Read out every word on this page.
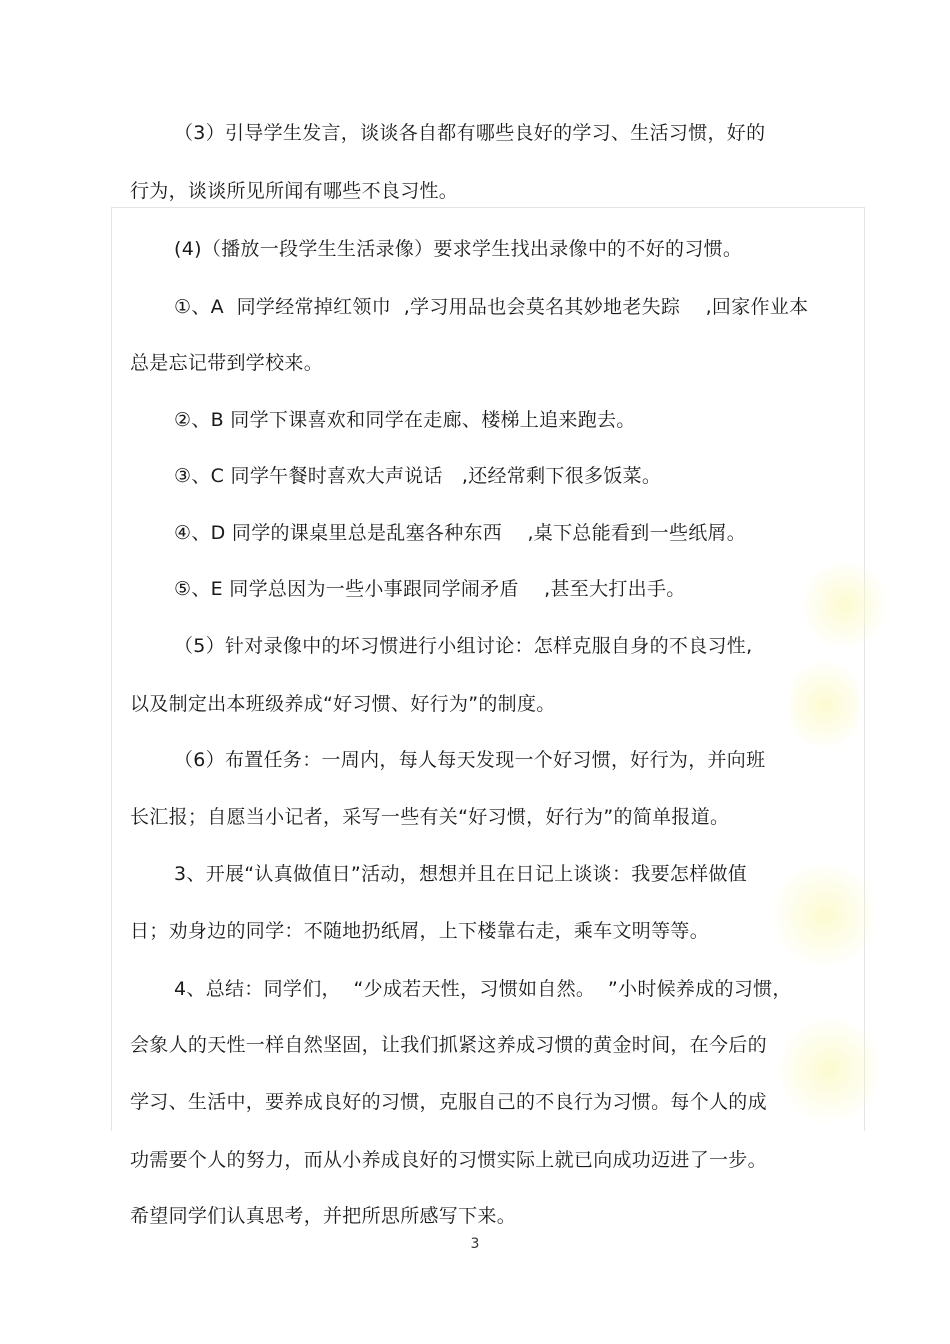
（3）引导学生发言，谈谈各自都有哪些良好的学习、生活习惯，好的
行为，谈谈所见所闻有哪些不良习性。
(4)（播放一段学生生活录像）要求学生找出录像中的不好的习惯。
①、A  同学经常掉红领巾  ,学习用品也会莫名其妙地老失踪    ,回家作业本
总是忘记带到学校来。
②、B 同学下课喜欢和同学在走廊、楼梯上追来跑去。
③、C 同学午餐时喜欢大声说话   ,还经常剩下很多饭菜。
④、D 同学的课桌里总是乱塞各种东西    ,桌下总能看到一些纸屑。
⑤、E 同学总因为一些小事跟同学闹矛盾    ,甚至大打出手。
（5）针对录像中的坏习惯进行小组讨论：怎样克服自身的不良习性,
以及制定出本班级养成“好习惯、好行为”的制度。
（6）布置任务：一周内，每人每天发现一个好习惯，好行为，并向班
长汇报；自愿当小记者，采写一些有关“好习惯，好行为”的简单报道。
3、开展“认真做值日”活动，想想并且在日记上谈谈：我要怎样做值
日；劝身边的同学：不随地扔纸屑，上下楼靠右走，乘车文明等等。
4、总结：同学们，  “少成若天性，习惯如自然。  ”小时候养成的习惯，
会象人的天性一样自然坚固，让我们抓紧这养成习惯的黄金时间，在今后的
学习、生活中，要养成良好的习惯，克服自己的不良行为习惯。每个人的成
功需要个人的努力，而从小养成良好的习惯实际上就已向成功迈进了一步。
希望同学们认真思考，并把所思所感写下来。
3
